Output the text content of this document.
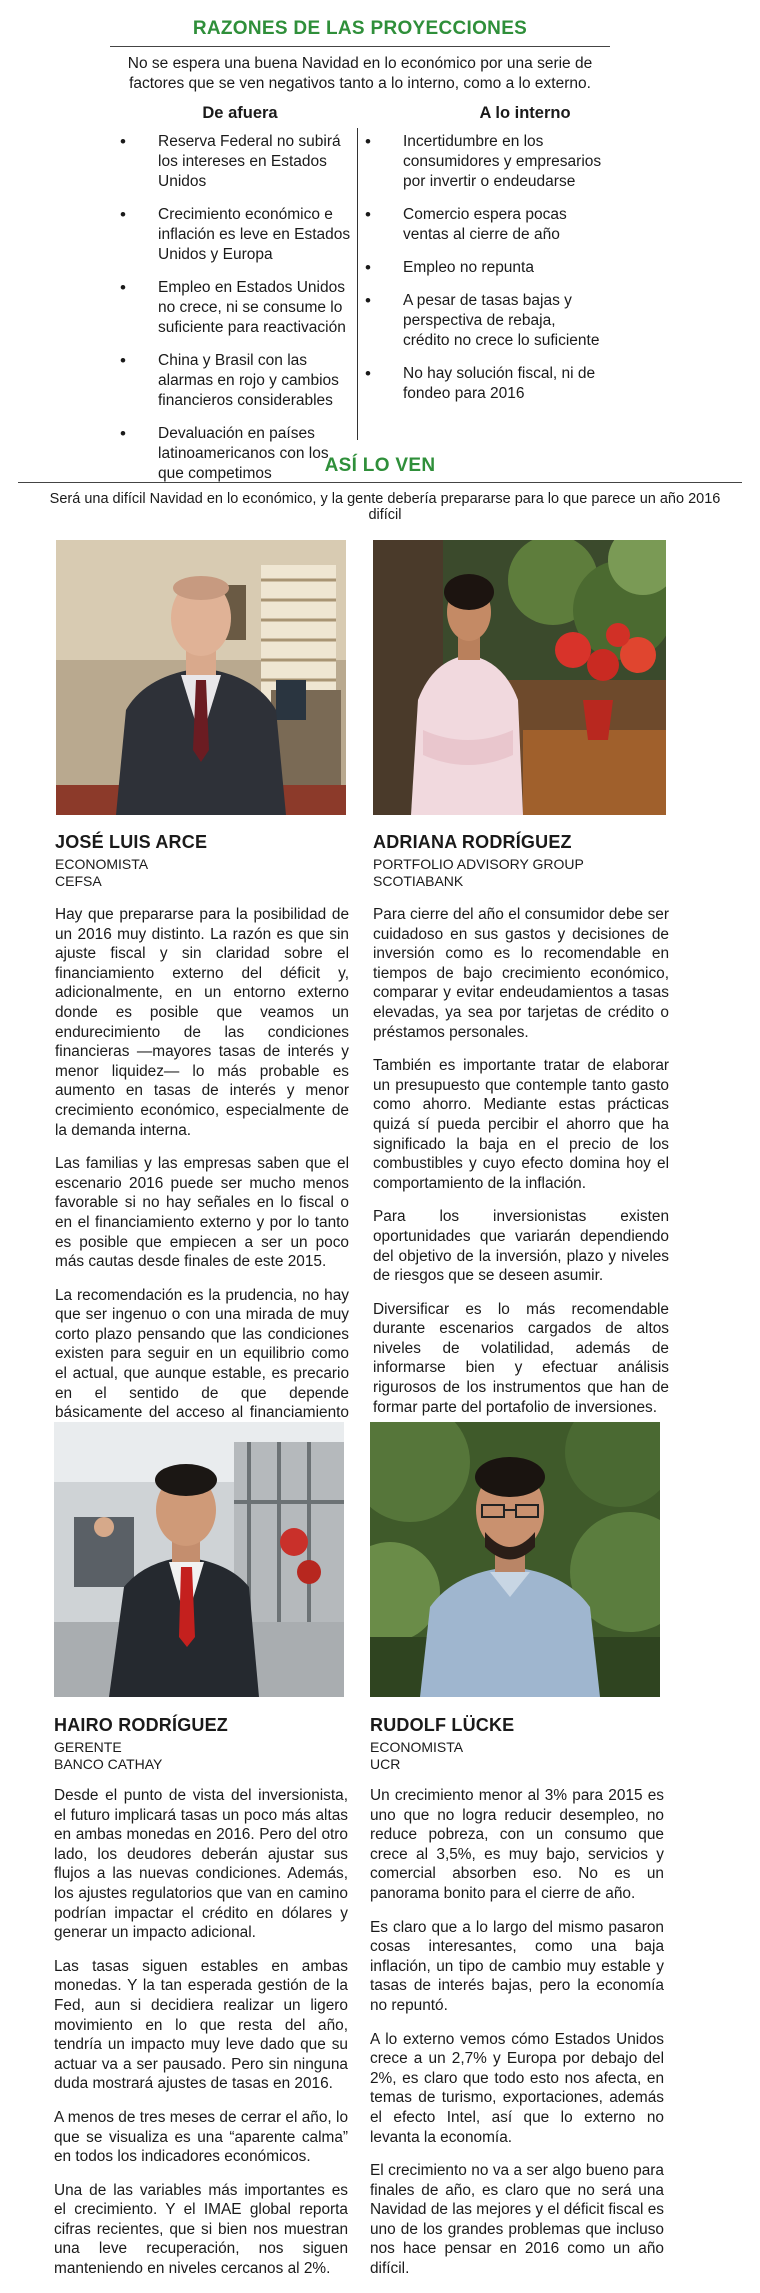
RAZONES DE LAS PROYECCIONES
No se espera una buena Navidad en lo económico por una serie de factores que se ven negativos tanto a lo interno, como a lo externo.
De afuera	A lo interno
• Reserva Federal no subirá los intereses en Estados Unidos
• Crecimiento económico e inflación es leve en Estados Unidos y Europa
• Empleo en Estados Unidos no crece, ni se consume lo suficiente para reactivación
• China y Brasil con las alarmas en rojo y cambios financieros considerables
• Devaluación en países latinoamericanos con los que competimos
• Incertidumbre en los consumidores y empresarios por invertir o endeudarse
• Comercio espera pocas ventas al cierre de año
• Empleo no repunta
• A pesar de tasas bajas y perspectiva de rebaja, crédito no crece lo suficiente
• No hay solución fiscal, ni de fondeo para 2016
ASÍ LO VEN
Será una difícil Navidad en lo económico, y la gente debería prepararse para lo que parece un año 2016 difícil
JOSÉ LUIS ARCE
ECONOMISTA
CEFSA

Hay que prepararse para la posibilidad de un 2016 muy distinto. La razón es que sin ajuste fiscal y sin claridad sobre el financiamiento externo del déficit y, adicionalmente, en un entorno externo donde es posible que veamos un endurecimiento de las condiciones financieras —mayores tasas de interés y menor liquidez— lo más probable es aumento en tasas de interés y menor crecimiento económico, especialmente de la demanda interna.

Las familias y las empresas saben que el escenario 2016 puede ser mucho menos favorable si no hay señales en lo fiscal o en el financiamiento externo y por lo tanto es posible que empiecen a ser un poco más cautas desde finales de este 2015.

La recomendación es la prudencia, no hay que ser ingenuo o con una mirada de muy corto plazo pensando que las condiciones existen para seguir en un equilibrio como el actual, que aunque estable, es precario en el sentido de que depende básicamente del acceso al financiamiento

ADRIANA RODRÍGUEZ
PORTFOLIO ADVISORY GROUP
SCOTIABANK

Para cierre del año el consumidor debe ser cuidadoso en sus gastos y decisiones de inversión como es lo recomendable en tiempos de bajo crecimiento económico, comparar y evitar endeudamientos a tasas elevadas, ya sea por tarjetas de crédito o préstamos personales.

También es importante tratar de elaborar un presupuesto que contemple tanto gasto como ahorro. Mediante estas prácticas quizá sí pueda percibir el ahorro que ha significado la baja en el precio de los combustibles y cuyo efecto domina hoy el comportamiento de la inflación.

Para los inversionistas existen oportunidades que variarán dependiendo del objetivo de la inversión, plazo y niveles de riesgos que se deseen asumir.

Diversificar es lo más recomendable durante escenarios cargados de altos niveles de volatilidad, además de informarse bien y efectuar análisis rigurosos de los instrumentos que han de formar parte del portafolio de inversiones.

HAIRO RODRÍGUEZ
GERENTE
BANCO CATHAY

Desde el punto de vista del inversionista, el futuro implicará tasas un poco más altas en ambas monedas en 2016. Pero del otro lado, los deudores deberán ajustar sus flujos a las nuevas condiciones. Además, los ajustes regulatorios que van en camino podrían impactar el crédito en dólares y generar un impacto adicional.

Las tasas siguen estables en ambas monedas. Y la tan esperada gestión de la Fed, aun si decidiera realizar un ligero movimiento en lo que resta del año, tendría un impacto muy leve dado que su actuar va a ser pausado. Pero sin ninguna duda mostrará ajustes de tasas en 2016.

A menos de tres meses de cerrar el año, lo que se visualiza es una “aparente calma” en todos los indicadores económicos.

Una de las variables más importantes es el crecimiento. Y el IMAE global reporta cifras recientes, que si bien nos muestran una leve recuperación, nos siguen manteniendo en niveles cercanos al 2%.

RUDOLF LÜCKE
ECONOMISTA
UCR

Un crecimiento menor al 3% para 2015 es uno que no logra reducir desempleo, no reduce pobreza, con un consumo que crece al 3,5%, es muy bajo, servicios y comercial absorben eso. No es un panorama bonito para el cierre de año.

Es claro que a lo largo del mismo pasaron cosas interesantes, como una baja inflación, un tipo de cambio muy estable y tasas de interés bajas, pero la economía no repuntó.

A lo externo vemos cómo Estados Unidos crece a un 2,7% y Europa por debajo del 2%, es claro que todo esto nos afecta, en temas de turismo, exportaciones, además el efecto Intel, así que lo externo no levanta la economía.

El crecimiento no va a ser algo bueno para finales de año, es claro que no será una Navidad de las mejores y el déficit fiscal es uno de los grandes problemas que incluso nos hace pensar en 2016 como un año difícil.
